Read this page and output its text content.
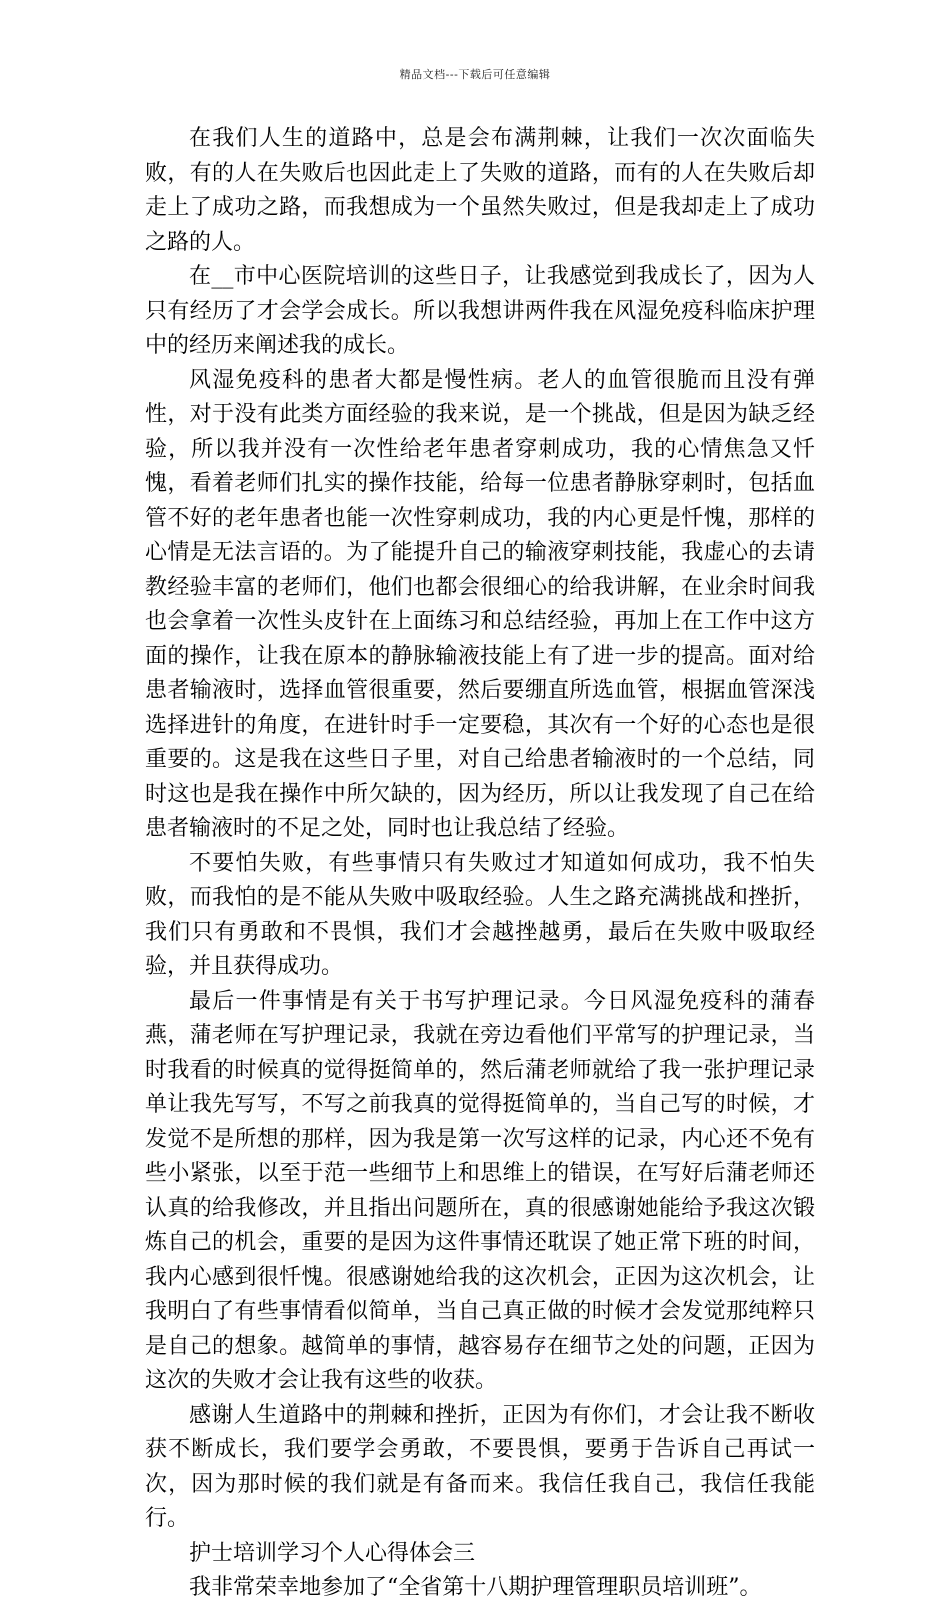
精品文档---下载后可任意编辑

在我们人生的道路中，总是会布满荆棘，让我们一次次面临失败，有的人在失败后也因此走上了失败的道路，而有的人在失败后却走上了成功之路，而我想成为一个虽然失败过，但是我却走上了成功之路的人。

在__市中心医院培训的这些日子，让我感觉到我成长了，因为人只有经历了才会学会成长。所以我想讲两件我在风湿免疫科临床护理中的经历来阐述我的成长。

风湿免疫科的患者大都是慢性病。老人的血管很脆而且没有弹性，对于没有此类方面经验的我来说，是一个挑战，但是因为缺乏经验，所以我并没有一次性给老年患者穿刺成功，我的心情焦急又忏愧，看着老师们扎实的操作技能，给每一位患者静脉穿刺时，包括血管不好的老年患者也能一次性穿刺成功，我的内心更是忏愧，那样的心情是无法言语的。为了能提升自己的输液穿刺技能，我虚心的去请教经验丰富的老师们，他们也都会很细心的给我讲解，在业余时间我也会拿着一次性头皮针在上面练习和总结经验，再加上在工作中这方面的操作，让我在原本的静脉输液技能上有了进一步的提高。面对给患者输液时，选择血管很重要，然后要绷直所选血管，根据血管深浅选择进针的角度，在进针时手一定要稳，其次有一个好的心态也是很重要的。这是我在这些日子里，对自己给患者输液时的一个总结，同时这也是我在操作中所欠缺的，因为经历，所以让我发现了自己在给患者输液时的不足之处，同时也让我总结了经验。

不要怕失败，有些事情只有失败过才知道如何成功，我不怕失败，而我怕的是不能从失败中吸取经验。人生之路充满挑战和挫折，我们只有勇敢和不畏惧，我们才会越挫越勇，最后在失败中吸取经验，并且获得成功。

最后一件事情是有关于书写护理记录。今日风湿免疫科的蒲春燕，蒲老师在写护理记录，我就在旁边看他们平常写的护理记录，当时我看的时候真的觉得挺简单的，然后蒲老师就给了我一张护理记录单让我先写写，不写之前我真的觉得挺简单的，当自己写的时候，才发觉不是所想的那样，因为我是第一次写这样的记录，内心还不免有些小紧张，以至于范一些细节上和思维上的错误，在写好后蒲老师还认真的给我修改，并且指出问题所在，真的很感谢她能给予我这次锻炼自己的机会，重要的是因为这件事情还耽误了她正常下班的时间，我内心感到很忏愧。很感谢她给我的这次机会，正因为这次机会，让我明白了有些事情看似简单，当自己真正做的时候才会发觉那纯粹只是自己的想象。越简单的事情，越容易存在细节之处的问题，正因为这次的失败才会让我有这些的收获。

感谢人生道路中的荆棘和挫折，正因为有你们，才会让我不断收获不断成长，我们要学会勇敢，不要畏惧，要勇于告诉自己再试一次，因为那时候的我们就是有备而来。我信任我自己，我信任我能行。

护士培训学习个人心得体会三

我非常荣幸地参加了“全省第十八期护理管理职员培训班”。
